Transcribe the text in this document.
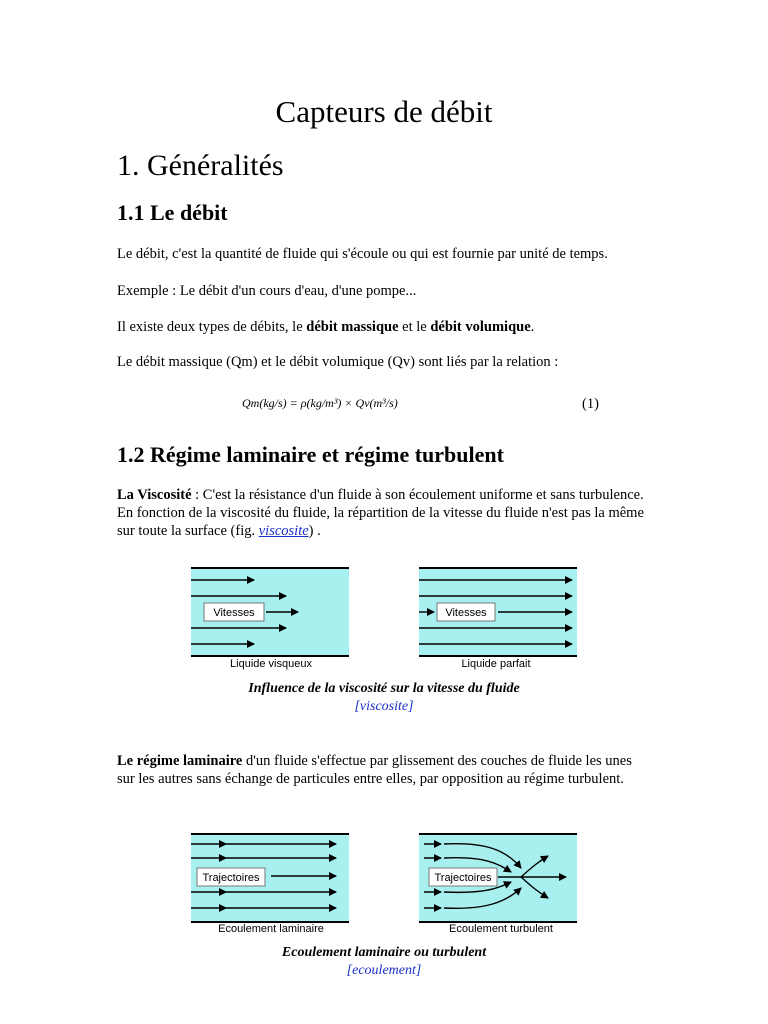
Capteurs de débit
1. Généralités
1.1 Le débit
Le débit, c'est la quantité de fluide qui s'écoule ou qui est fournie par unité de temps.
Exemple : Le débit d'un cours d'eau, d'une pompe...
Il existe deux types de débits, le débit massique et le débit volumique.
Le débit massique (Qm) et le débit volumique (Qv) sont liés par la relation :
Qm(kg/s) = ρ(kg/m³) × Qv(m³/s)	(1)
1.2 Régime laminaire et régime turbulent
La Viscosité : C'est la résistance d'un fluide à son écoulement uniforme et sans turbulence. En fonction de la viscosité du fluide, la répartition de la vitesse du fluide n'est pas la même sur toute la surface (fig. viscosite) .
Vitesses
Liquide visqueux
Vitesses
Liquide parfait
Influence de la viscosité sur la vitesse du fluide
[viscosite]
Le régime laminaire d'un fluide s'effectue par glissement des couches de fluide les unes sur les autres sans échange de particules entre elles, par opposition au régime turbulent.
Trajectoires
Ecoulement laminaire
Trajectoires
Ecoulement turbulent
Ecoulement laminaire ou turbulent
[ecoulement]
